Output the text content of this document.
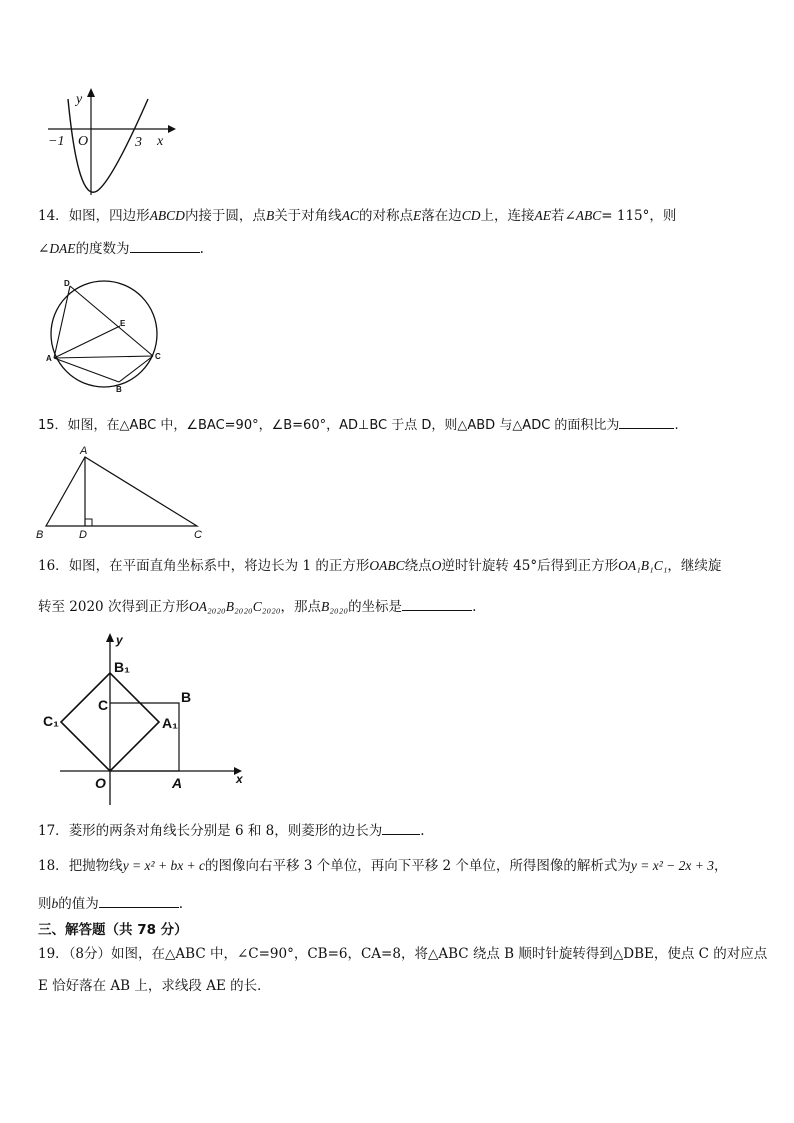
y
x
O
−1	3
14．如图，四边形ABCD内接于圆，点B关于对角线AC的对称点E落在边CD上，连接AE若∠ABC= 115°，则
∠DAE的度数为	.
D
E
A	C
B
15．如图，在△ABC 中，∠BAC=90°，∠B=60°，AD⊥BC 于点 D，则△ABD 与△ADC 的面积比为	.
A
B	D	C
16．如图，在平面直角坐标系中，将边长为 1 的正方形OABC绕点O逆时针旋转 45°后得到正方形OA₁B₁C₁，继续旋
转至 2020 次得到正方形OA₂₀₂₀B₂₀₂₀C₂₀₂₀，那点B₂₀₂₀的坐标是	.
y
x
B₁
B
C
C₁	A₁
O	A
17．菱形的两条对角线长分别是 6 和 8，则菱形的边长为	.
18．把抛物线y = x² + bx + c的图像向右平移 3 个单位，再向下平移 2 个单位，所得图像的解析式为y = x² − 2x + 3，
则b的值为	.
三、解答题（共 78 分）
19．（8分）如图，在△ABC 中，∠C=90°，CB=6，CA=8，将△ABC 绕点 B 顺时针旋转得到△DBE，使点 C 的对应点
E 恰好落在 AB 上，求线段 AE 的长．
